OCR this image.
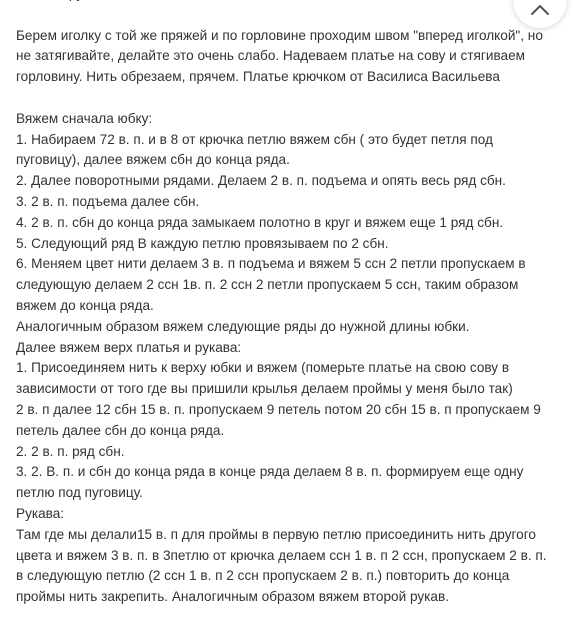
Берем иголку с той же пряжей и по горловине проходим швом "вперед иголкой", но

не затягивайте, делайте это очень слабо. Надеваем платье на сову и стягиваем

горловину. Нить обрезаем, прячем. Платье крючком от Василиса Васильева

Вяжем сначала юбку:

1. Набираем 72 в. п. и в 8 от крючка петлю вяжем сбн ( это будет петля под

пуговицу), далее вяжем сбн до конца ряда.

2. Далее поворотными рядами. Делаем 2 в. п. подъема и опять весь ряд сбн.

3. 2 в. п. подъема далее сбн.

4. 2 в. п. сбн до конца ряда замыкаем полотно в круг и вяжем еще 1 ряд сбн.

5. Следующий ряд В каждую петлю провязываем по 2 сбн.

6. Меняем цвет нити делаем 3 в. п подъема и вяжем 5 ссн 2 петли пропускаем в

следующую делаем 2 ссн 1в. п. 2 ссн 2 петли пропускаем 5 ссн, таким образом

вяжем до конца ряда.

Аналогичным образом вяжем следующие ряды до нужной длины юбки.

Далее вяжем верх платья и рукава:

1. Присоединяем нить к верху юбки и вяжем (померьте платье на свою сову в

зависимости от того где вы пришили крылья делаем проймы у меня было так)

2 в. п далее 12 сбн 15 в. п. пропускаем 9 петель потом 20 сбн 15 в. п пропускаем 9

петель далее сбн до конца ряда.

2. 2 в. п. ряд сбн.

3. 2. В. п. и сбн до конца ряда в конце ряда делаем 8 в. п. формируем еще одну

петлю под пуговицу.

Рукава:

Там где мы делали15 в. п для проймы в первую петлю присоединить нить другого

цвета и вяжем 3 в. п. в 3петлю от крючка делаем ссн 1 в. п 2 ссн, пропускаем 2 в. п.

в следующую петлю (2 ссн 1 в. п 2 ссн пропускаем 2 в. п.) повторить до конца

проймы нить закрепить. Аналогичным образом вяжем второй рукав.
